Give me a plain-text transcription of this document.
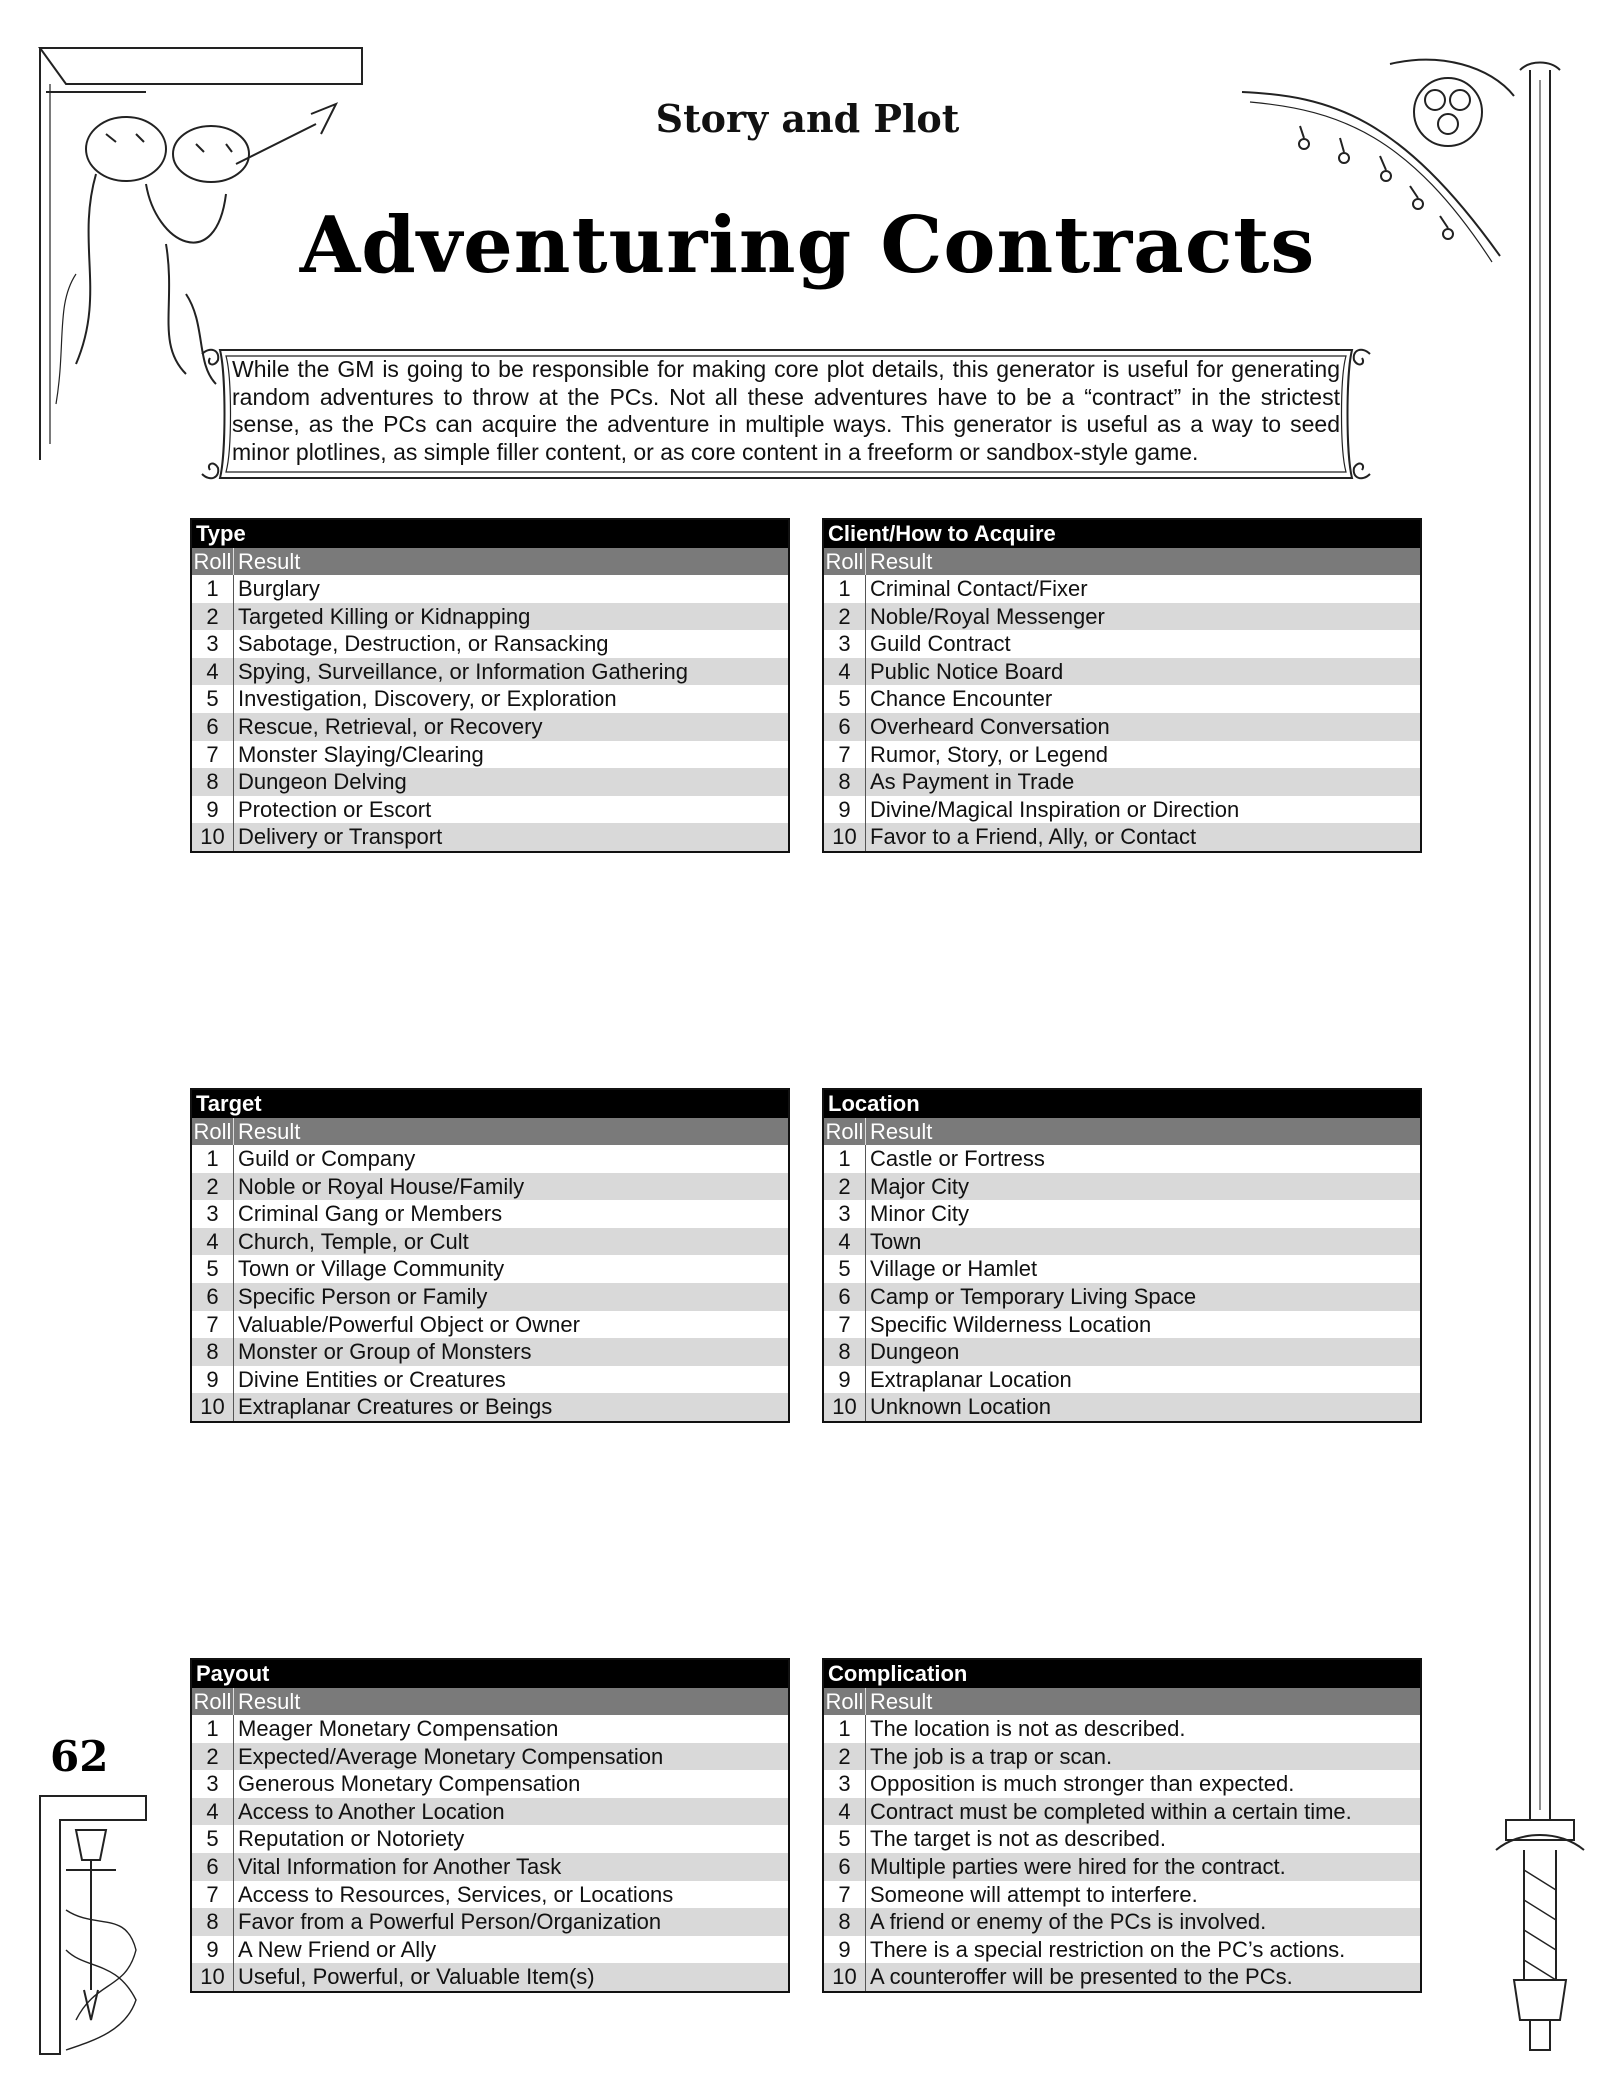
Story and Plot
Adventuring Contracts

While the GM is going to be responsible for making core plot details, this generator is useful for generating random adventures to throw at the PCs. Not all these adventures have to be a “contract” in the strictest sense, as the PCs can acquire the adventure in multiple ways. This generator is useful as a way to seed minor plotlines, as simple filler content, or as core content in a freeform or sandbox-style game.

Type
Roll Result
1 Burglary
2 Targeted Killing or Kidnapping
3 Sabotage, Destruction, or Ransacking
4 Spying, Surveillance, or Information Gathering
5 Investigation, Discovery, or Exploration
6 Rescue, Retrieval, or Recovery
7 Monster Slaying/Clearing
8 Dungeon Delving
9 Protection or Escort
10 Delivery or Transport
Client/How to Acquire
Roll Result
1 Criminal Contact/Fixer
2 Noble/Royal Messenger
3 Guild Contract
4 Public Notice Board
5 Chance Encounter
6 Overheard Conversation
7 Rumor, Story, or Legend
8 As Payment in Trade
9 Divine/Magical Inspiration or Direction
10 Favor to a Friend, Ally, or Contact
Target
Roll Result
1 Guild or Company
2 Noble or Royal House/Family
3 Criminal Gang or Members
4 Church, Temple, or Cult
5 Town or Village Community
6 Specific Person or Family
7 Valuable/Powerful Object or Owner
8 Monster or Group of Monsters
9 Divine Entities or Creatures
10 Extraplanar Creatures or Beings
Location
Roll Result
1 Castle or Fortress
2 Major City
3 Minor City
4 Town
5 Village or Hamlet
6 Camp or Temporary Living Space
7 Specific Wilderness Location
8 Dungeon
9 Extraplanar Location
10 Unknown Location
Payout
Roll Result
1 Meager Monetary Compensation
2 Expected/Average Monetary Compensation
3 Generous Monetary Compensation
4 Access to Another Location
5 Reputation or Notoriety
6 Vital Information for Another Task
7 Access to Resources, Services, or Locations
8 Favor from a Powerful Person/Organization
9 A New Friend or Ally
10 Useful, Powerful, or Valuable Item(s)
Complication
Roll Result
1 The location is not as described.
2 The job is a trap or scan.
3 Opposition is much stronger than expected.
4 Contract must be completed within a certain time.
5 The target is not as described.
6 Multiple parties were hired for the contract.
7 Someone will attempt to interfere.
8 A friend or enemy of the PCs is involved.
9 There is a special restriction on the PC’s actions.
10 A counteroffer will be presented to the PCs.

62
